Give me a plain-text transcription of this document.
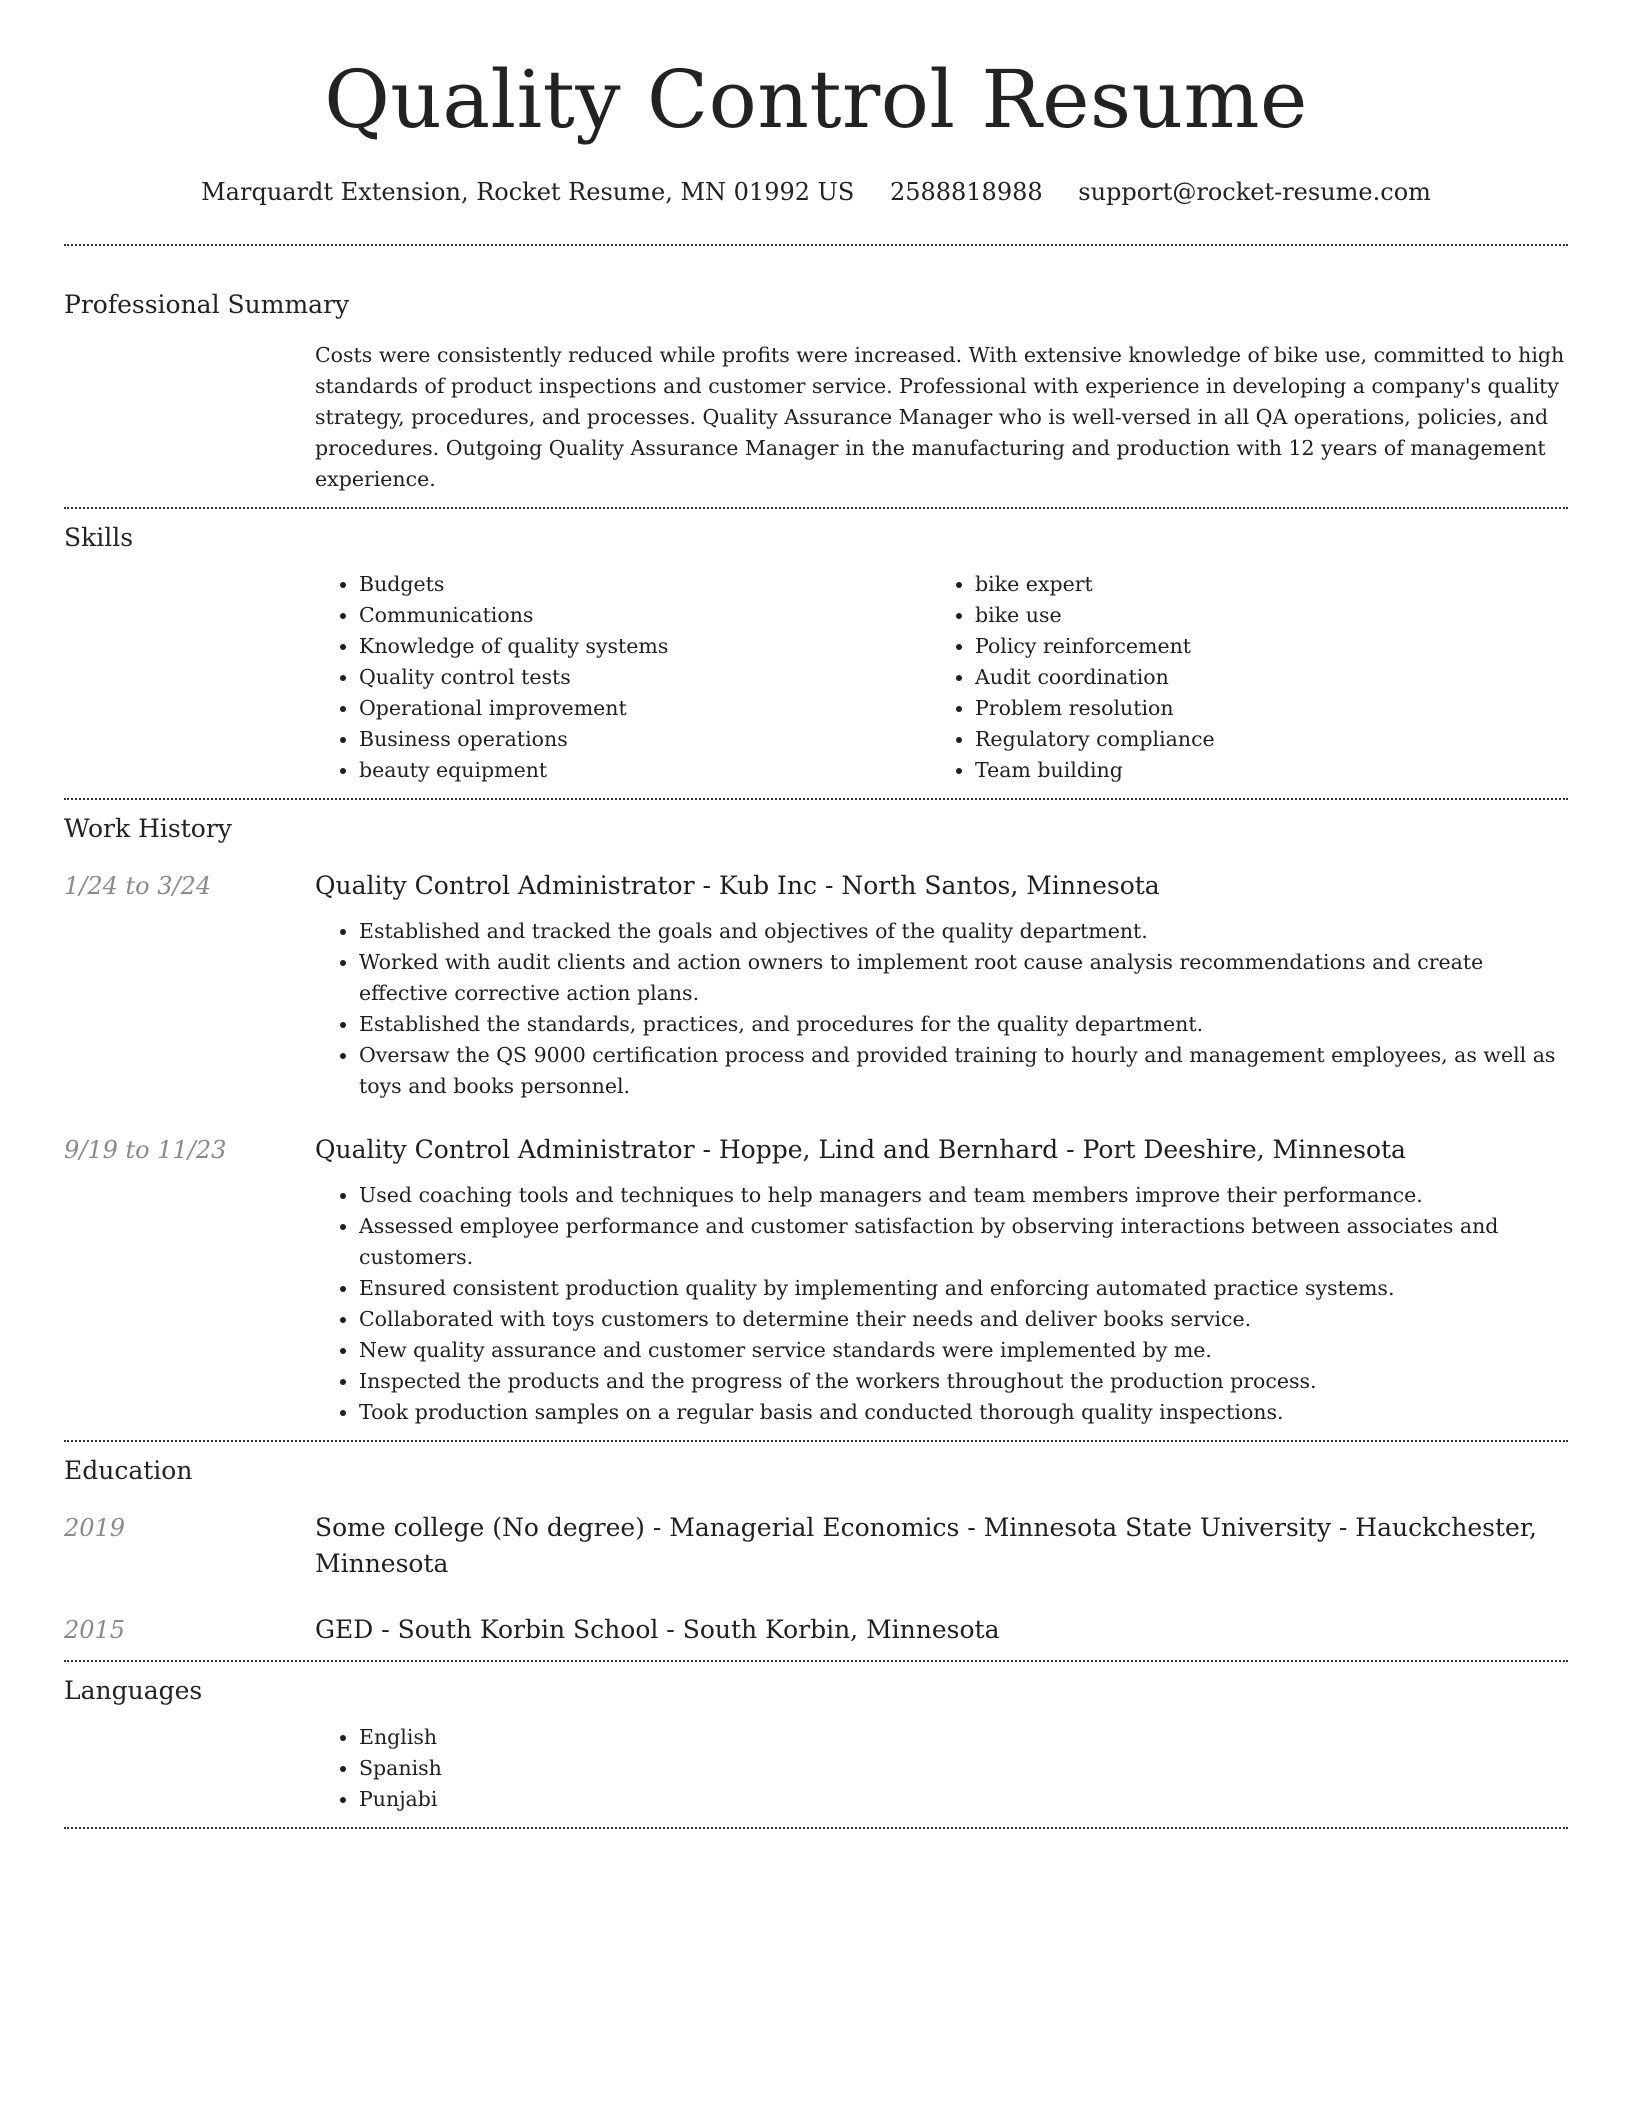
Quality Control Resume
Marquardt Extension, Rocket Resume, MN 01992 US 2588818988 support@rocket-resume.com
Professional Summary

Costs were consistently reduced while profits were increased. With extensive knowledge of bike use, committed to high standards of product inspections and customer service. Professional with experience in developing a company's quality strategy, procedures, and processes. Quality Assurance Manager who is well-versed in all QA operations, policies, and procedures. Outgoing Quality Assurance Manager in the manufacturing and production with 12 years of management experience.

Skills
• Budgets
• Communications
• Knowledge of quality systems
• Quality control tests
• Operational improvement
• Business operations
• beauty equipment
• bike expert
• bike use
• Policy reinforcement
• Audit coordination
• Problem resolution
• Regulatory compliance
• Team building
Work History
1/24 to 3/24	Quality Control Administrator - Kub Inc - North Santos, Minnesota
• Established and tracked the goals and objectives of the quality department.
• Worked with audit clients and action owners to implement root cause analysis recommendations and create effective corrective action plans.
• Established the standards, practices, and procedures for the quality department.
• Oversaw the QS 9000 certification process and provided training to hourly and management employees, as well as toys and books personnel.
9/19 to 11/23	Quality Control Administrator - Hoppe, Lind and Bernhard - Port Deeshire, Minnesota
• Used coaching tools and techniques to help managers and team members improve their performance.
• Assessed employee performance and customer satisfaction by observing interactions between associates and customers.
• Ensured consistent production quality by implementing and enforcing automated practice systems.
• Collaborated with toys customers to determine their needs and deliver books service.
• New quality assurance and customer service standards were implemented by me.
• Inspected the products and the progress of the workers throughout the production process.
• Took production samples on a regular basis and conducted thorough quality inspections.
Education
2019	Some college (No degree) - Managerial Economics - Minnesota State University - Hauckchester, Minnesota
2015	GED - South Korbin School - South Korbin, Minnesota
Languages
• English
• Spanish
• Punjabi
